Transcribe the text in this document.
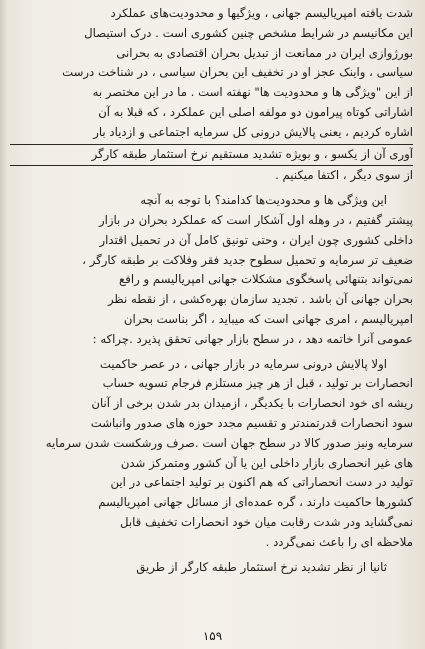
شدت یافته امپریالیسم جهانی ، ویژگیها و محدودیت‌های عملکرد
این مکانیسم در شرایط مشخص چنین کشوری است . درک استیصال
بورژوازی ایران در ممانعت از تبدیل بحران اقتصادی به بحرانی
سیاسی ، واینک عجز او در تخفیف این بحران سیاسی ، در شناخت درست
از این "ویژگی ها و محدودیت ها" نهفته است . ما در این مختصر به
اشاراتی کوتاه پیرامون دو مولفه اصلی این عملکرد ، که قبلا به آن
اشاره کردیم ، یعنی پالایش درونی کل سرمایه اجتماعی و ازدیاد بار
آوری آن از یکسو ، و بویژه تشدید مستقیم نرخ استثمار طبقه کارگر
از سوی دیگر ، اکتفا میکنیم .
این ویژگی ها و محدودیت‌ها کدامند؟ با توجه به آنچه
پیشتر گفتیم ، در وهله اول آشکار است که عملکرد بحران در بازار
داخلی کشوری چون ایران ، وحتی تونیق کامل آن در تحمیل اقتدار
ضعیف تر سرمایه و تحمیل سطوح جدید فقر وفلاکت بر طبقه کارگر ،
نمی‌تواند بتنهائی پاسخگوی مشکلات جهانی امپریالیسم و رافع
بحران جهانی آن باشد . تجدید سازمان بهره‌کشی ، از نقطه نظر
امپریالیسم ، امری جهانی است که میباید ، اگر بناست بحران
عمومی آنرا خاتمه دهد ، در سطح بازار جهانی تحقق پذیرد .چراکه :
اولا پالایش درونی سرمایه در بازار جهانی ، در عصر حاکمیت
انحصارات بر تولید ، قبل از هر چیز مستلزم فرجام تسویه حساب
ریشه ای خود انحصارات با یکدیگر ، ازمیدان بدر شدن برخی از آنان
سود انحصارات قدرتمندتر و تقسیم مجدد حوزه های صدور وانباشت
سرمایه ونیز صدور کالا در سطح جهان است .صرف ورشکست شدن سرمایه
های غیر انحصاری بازار داخلی این یا آن کشور ومتمرکز شدن
تولید در دست انحصاراتی که هم اکنون بر تولید اجتماعی در این
کشورها حاکمیت دارند ، گره عمده‌ای از مسائل جهانی امپریالیسم
نمی‌گشاید ودر شدت رقابت میان خود انحصارات تخفیف قابل
ملاحظه ای را باعث نمی‌گردد .
ثانیا از نظر تشدید نرخ استثمار طبقه کارگر از طریق
۱۵۹
